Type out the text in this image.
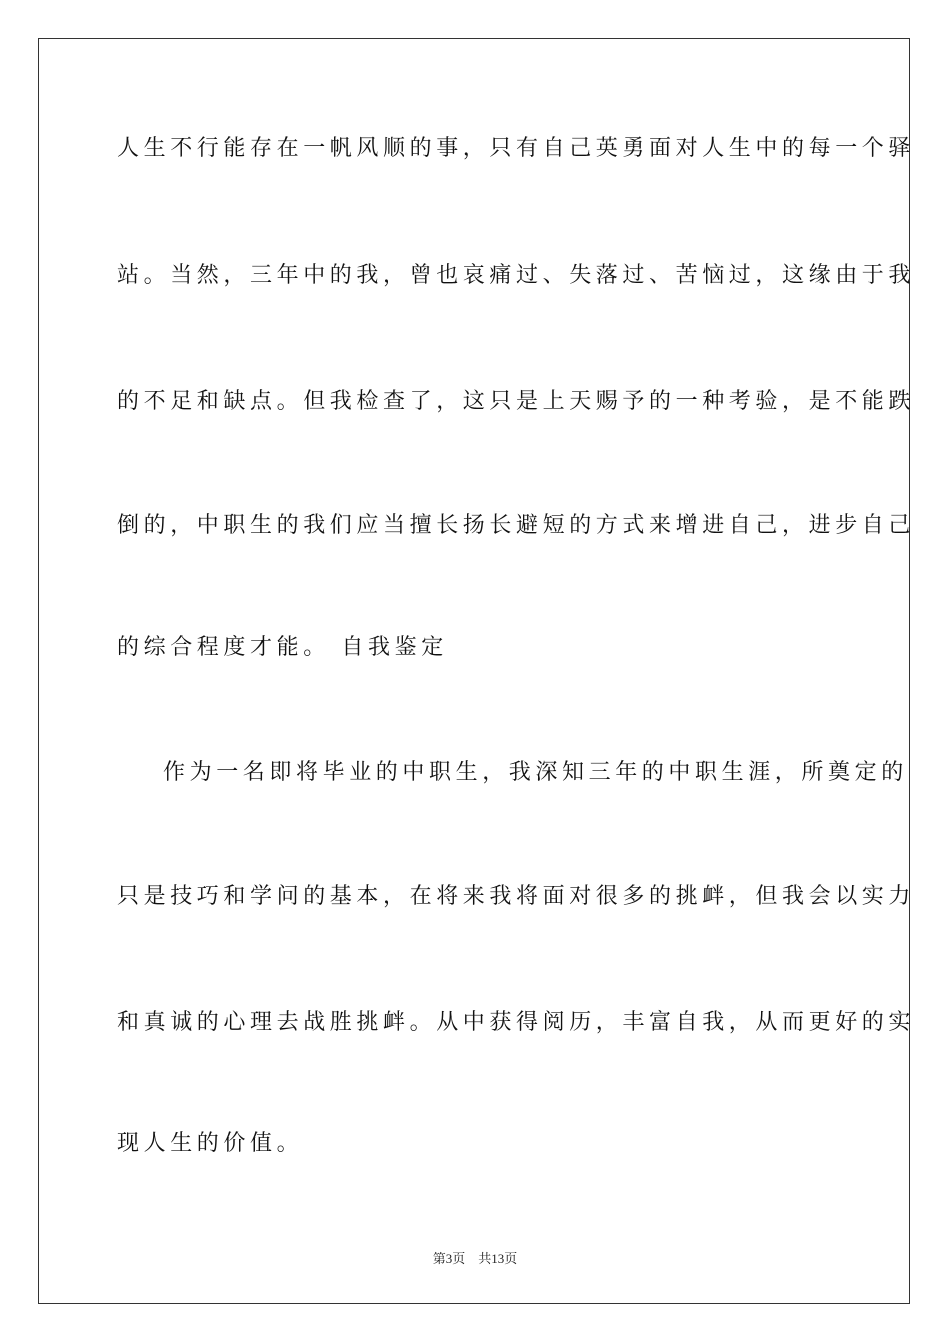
人生不行能存在一帆风顺的事，只有自己英勇面对人生中的每一个驿
站。当然，三年中的我，曾也哀痛过、失落过、苦恼过，这缘由于我
的不足和缺点。但我检查了，这只是上天赐予的一种考验，是不能跌
倒的，中职生的我们应当擅长扬长避短的方式来增进自己，进步自己
的综合程度才能。 自我鉴定
作为一名即将毕业的中职生，我深知三年的中职生涯，所奠定的
只是技巧和学问的基本，在将来我将面对很多的挑衅，但我会以实力
和真诚的心理去战胜挑衅。从中获得阅历，丰富自我，从而更好的实
现人生的价值。
第3页　共13页
